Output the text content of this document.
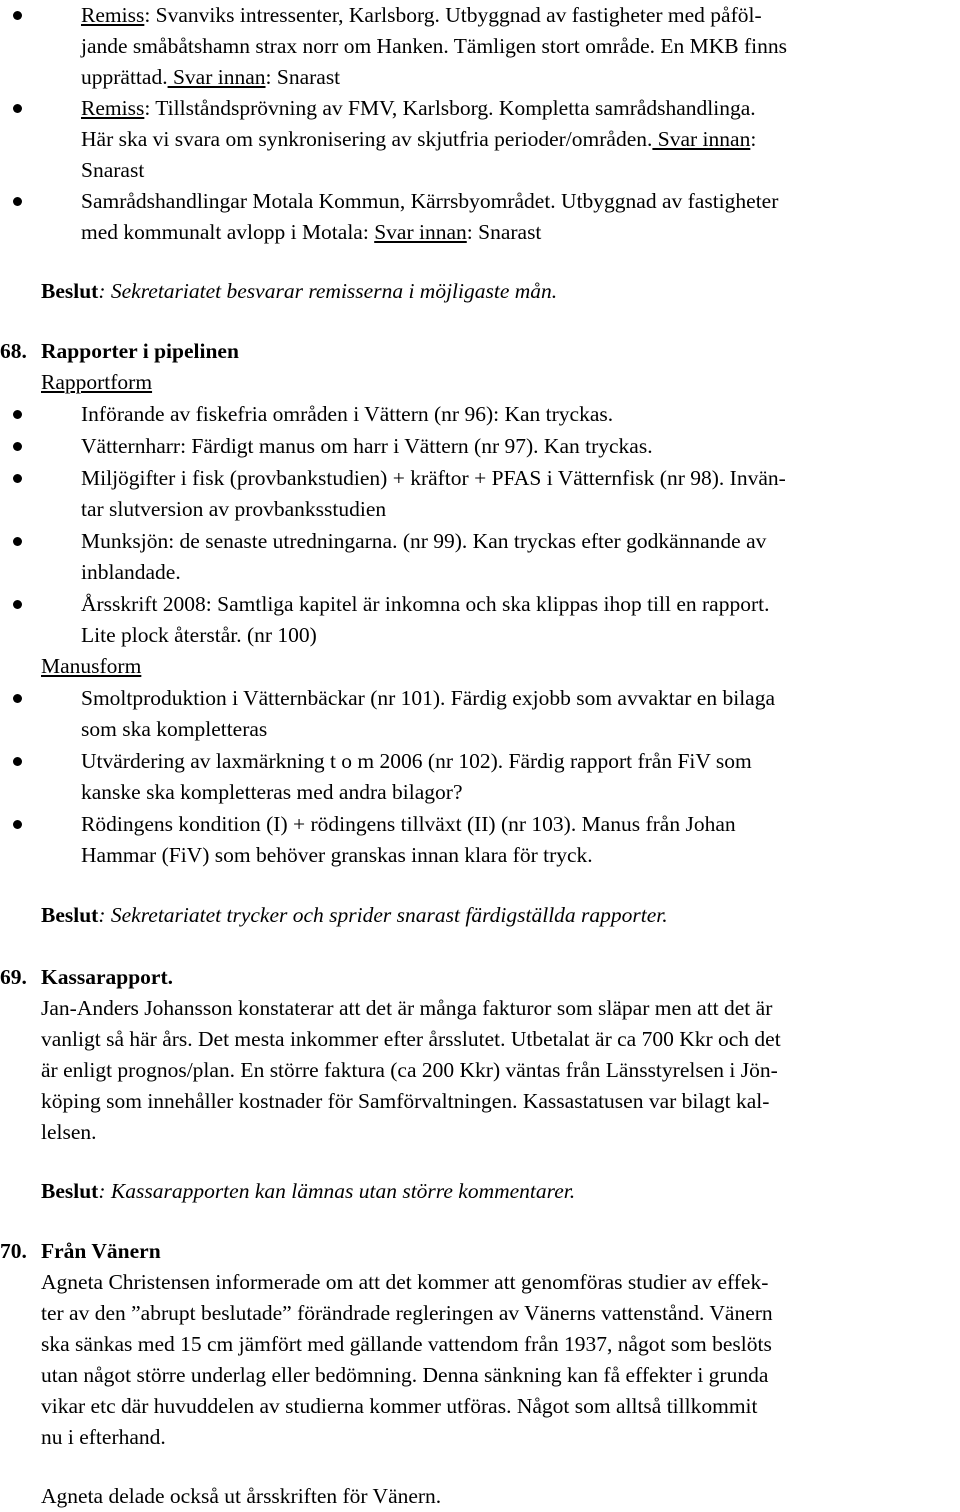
Remiss: Svanviks intressenter, Karlsborg. Utbyggnad av fastigheter med påföl-
jande småbåtshamn strax norr om Hanken. Tämligen stort område. En MKB finns
upprättad. Svar innan: Snarast
Remiss: Tillståndsprövning av FMV, Karlsborg. Kompletta samrådshandlinga.
Här ska vi svara om synkronisering av skjutfria perioder/områden. Svar innan:
Snarast
Samrådshandlingar Motala Kommun, Kärrsbyområdet. Utbyggnad av fastigheter
med kommunalt avlopp i Motala: Svar innan: Snarast
Beslut: Sekretariatet besvarar remisserna i möjligaste mån.
68. Rapporter i pipelinen
Rapportform
Införande av fiskefria områden i Vättern (nr 96): Kan tryckas.
Vätternharr: Färdigt manus om harr i Vättern (nr 97). Kan tryckas.
Miljögifter i fisk (provbankstudien) + kräftor + PFAS i Vätternfisk (nr 98). Invän-
tar slutversion av provbanksstudien
Munksjön: de senaste utredningarna. (nr 99). Kan tryckas efter godkännande av
inblandade.
Årsskrift 2008: Samtliga kapitel är inkomna och ska klippas ihop till en rapport.
Lite plock återstår. (nr 100)
Manusform
Smoltproduktion i Vätternbäckar (nr 101). Färdig exjobb som avvaktar en bilaga
som ska kompletteras
Utvärdering av laxmärkning t o m 2006 (nr 102). Färdig rapport från FiV som
kanske ska kompletteras med andra bilagor?
Rödingens kondition (I) + rödingens tillväxt (II) (nr 103). Manus från Johan
Hammar (FiV) som behöver granskas innan klara för tryck.
Beslut: Sekretariatet trycker och sprider snarast färdigställda rapporter.
69. Kassarapport.
Jan-Anders Johansson konstaterar att det är många fakturor som släpar men att det är
vanligt så här års. Det mesta inkommer efter årsslutet. Utbetalat är ca 700 Kkr och det
är enligt prognos/plan. En större faktura (ca 200 Kkr) väntas från Länsstyrelsen i Jön-
köping som innehåller kostnader för Samförvaltningen. Kassastatusen var bilagt kal-
lelsen.
Beslut: Kassarapporten kan lämnas utan större kommentarer.
70. Från Vänern
Agneta Christensen informerade om att det kommer att genomföras studier av effek-
ter av den ”abrupt beslutade” förändrade regleringen av Vänerns vattenstånd. Vänern
ska sänkas med 15 cm jämfört med gällande vattendom från 1937, något som beslöts
utan något större underlag eller bedömning. Denna sänkning kan få effekter i grunda
vikar etc där huvuddelen av studierna kommer utföras. Något som alltså tillkommit
nu i efterhand.
Agneta delade också ut årsskriften för Vänern.
